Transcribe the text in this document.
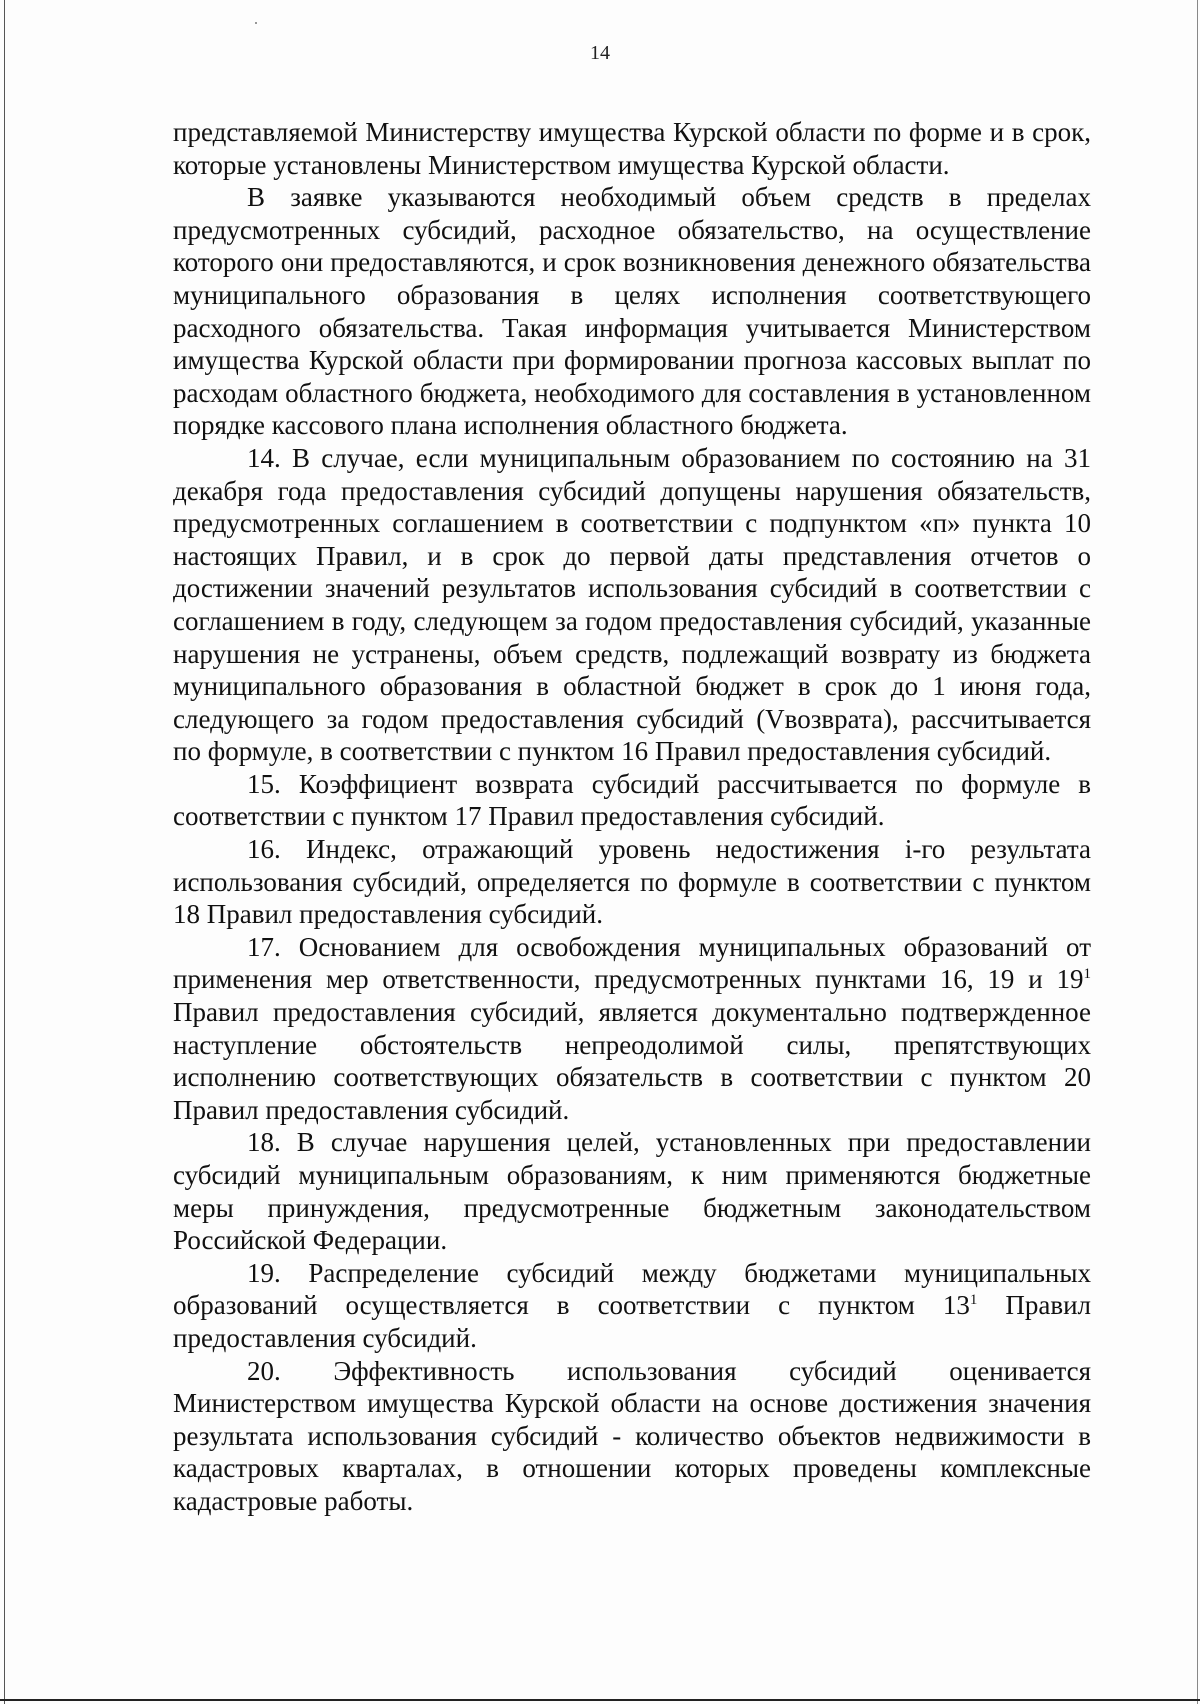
14

представляемой Министерству имущества Курской области по форме и в срок, которые установлены Министерством имущества Курской области.

В заявке указываются необходимый объем средств в пределах предусмотренных субсидий, расходное обязательство, на осуществление которого они предоставляются, и срок возникновения денежного обязательства муниципального образования в целях исполнения соответствующего расходного обязательства. Такая информация учитывается Министерством имущества Курской области при формировании прогноза кассовых выплат по расходам областного бюджета, необходимого для составления в установленном порядке кассового плана исполнения областного бюджета.

14. В случае, если муниципальным образованием по состоянию на 31 декабря года предоставления субсидий допущены нарушения обязательств, предусмотренных соглашением в соответствии с подпунктом «п» пункта 10 настоящих Правил, и в срок до первой даты представления отчетов о достижении значений результатов использования субсидий в соответствии с соглашением в году, следующем за годом предоставления субсидий, указанные нарушения не устранены, объем средств, подлежащий возврату из бюджета муниципального образования в областной бюджет в срок до 1 июня года, следующего за годом предоставления субсидий (Vвозврата), рассчитывается по формуле, в соответствии с пунктом 16 Правил предоставления субсидий.

15. Коэффициент возврата субсидий рассчитывается по формуле в соответствии с пунктом 17 Правил предоставления субсидий.

16. Индекс, отражающий уровень недостижения i-го результата использования субсидий, определяется по формуле в соответствии с пунктом 18 Правил предоставления субсидий.

17. Основанием для освобождения муниципальных образований от применения мер ответственности, предусмотренных пунктами 16, 19 и $19^1$ Правил предоставления субсидий, является документально подтвержденное наступление обстоятельств непреодолимой силы, препятствующих исполнению соответствующих обязательств в соответствии с пунктом 20 Правил предоставления субсидий.

18. В случае нарушения целей, установленных при предоставлении субсидий муниципальным образованиям, к ним применяются бюджетные меры принуждения, предусмотренные бюджетным законодательством Российской Федерации.

19. Распределение субсидий между бюджетами муниципальных образований осуществляется в соответствии с пунктом $13^1$ Правил предоставления субсидий.

20. Эффективность использования субсидий оценивается Министерством имущества Курской области на основе достижения значения результата использования субсидий - количество объектов недвижимости в кадастровых кварталах, в отношении которых проведены комплексные кадастровые работы.
